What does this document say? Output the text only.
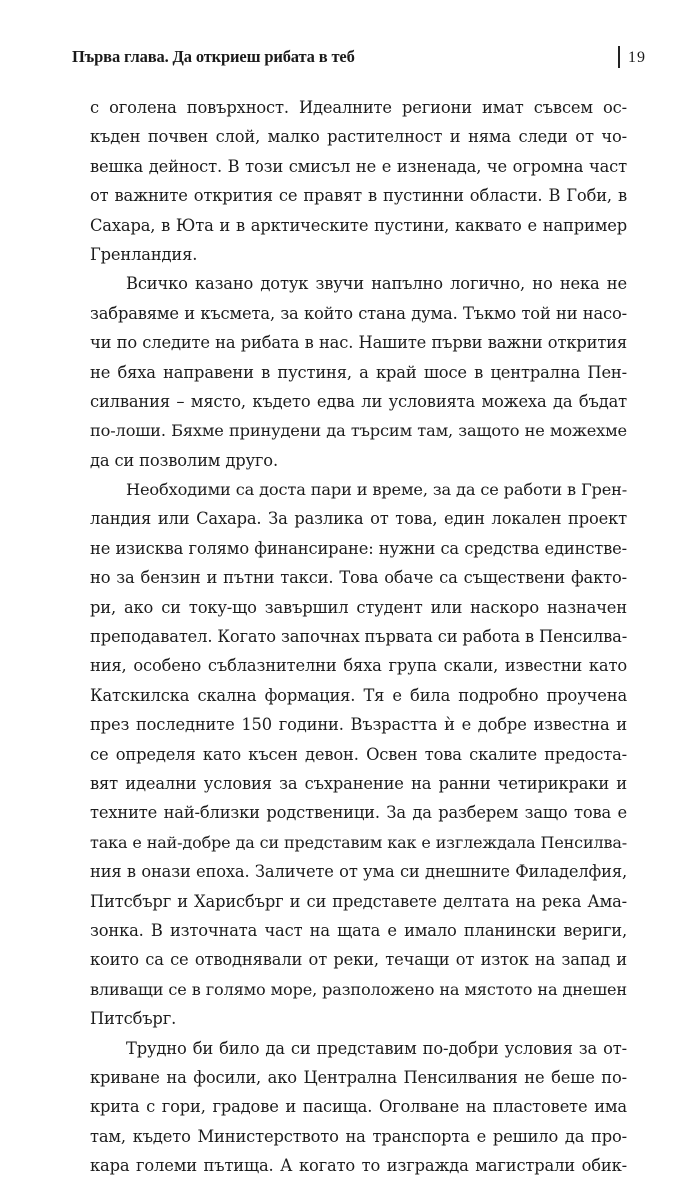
Първа глава. Да откриеш рибата в теб	19
с оголена повърхност. Идеалните региони имат съвсем ос-
къден почвен слой, малко растителност и няма следи от чо-
вешка дейност. В този смисъл не е изненада, че огромна част
от важните открития се правят в пустинни области. В Гоби, в
Сахара, в Юта и в арктическите пустини, каквато е например
Гренландия.
Всичко казано дотук звучи напълно логично, но нека не
забравяме и късмета, за който стана дума. Тъкмо той ни насо-
чи по следите на рибата в нас. Нашите първи важни открития
не бяха направени в пустиня, а край шосе в централна Пен-
силвания – място, където едва ли условията можеха да бъдат
по-лоши. Бяхме принудени да търсим там, защото не можехме
да си позволим друго.
Необходими са доста пари и време, за да се работи в Грен-
ландия или Сахара. За разлика от това, един локален проект
не изисква голямо финансиране: нужни са средства единстве-
но за бензин и пътни такси. Това обаче са съществени факто-
ри, ако си току-що завършил студент или наскоро назначен
преподавател. Когато започнах първата си работа в Пенсилва-
ния, особено съблазнителни бяха група скали, известни като
Катскилска скална формация. Тя е била подробно проучена
през последните 150 години. Възрастта ѝ е добре известна и
се определя като късен девон. Освен това скалите предоста-
вят идеални условия за съхранение на ранни четирикраки и
техните най-близки родственици. За да разберем защо това е
така е най-добре да си представим как е изглеждала Пенсилва-
ния в онази епоха. Заличете от ума си днешните Филаделфия,
Питсбърг и Харисбърг и си представете делтата на река Ама-
зонка. В източната част на щата е имало планински вериги,
които са се отводнявали от реки, течащи от изток на запад и
вливащи се в голямо море, разположено на мястото на днешен
Питсбърг.
Трудно би било да си представим по-добри условия за от-
криване на фосили, ако Централна Пенсилвания не беше по-
крита с гори, градове и пасища. Оголване на пластовете има
там, където Министерството на транспорта е решило да про-
кара големи пътища. А когато то изгражда магистрали обик-
